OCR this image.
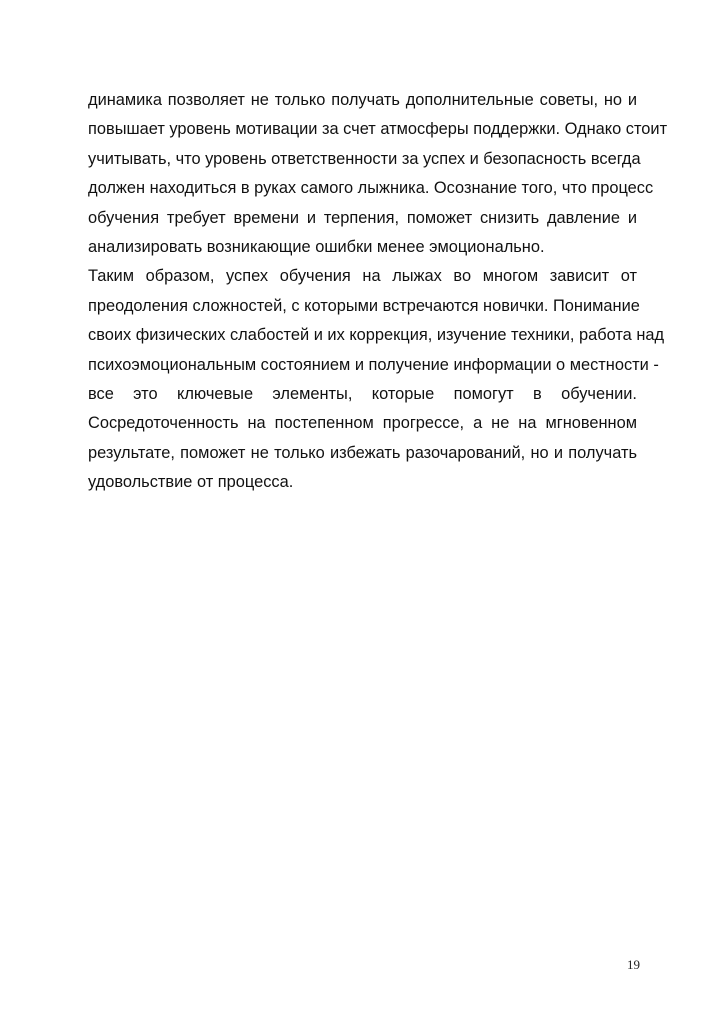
динамика позволяет не только получать дополнительные советы, но и
повышает уровень мотивации за счет атмосферы поддержки. Однако стоит
учитывать, что уровень ответственности за успех и безопасность всегда
должен находиться в руках самого лыжника. Осознание того, что процесс
обучения требует времени и терпения, поможет снизить давление и
анализировать возникающие ошибки менее эмоционально.
Таким образом, успех обучения на лыжах во многом зависит от
преодоления сложностей, с которыми встречаются новички. Понимание
своих физических слабостей и их коррекция, изучение техники, работа над
психоэмоциональным состоянием и получение информации о местности -
все это ключевые элементы, которые помогут в обучении.
Сосредоточенность на постепенном прогрессе, а не на мгновенном
результате, поможет не только избежать разочарований, но и получать
удовольствие от процесса.
19
